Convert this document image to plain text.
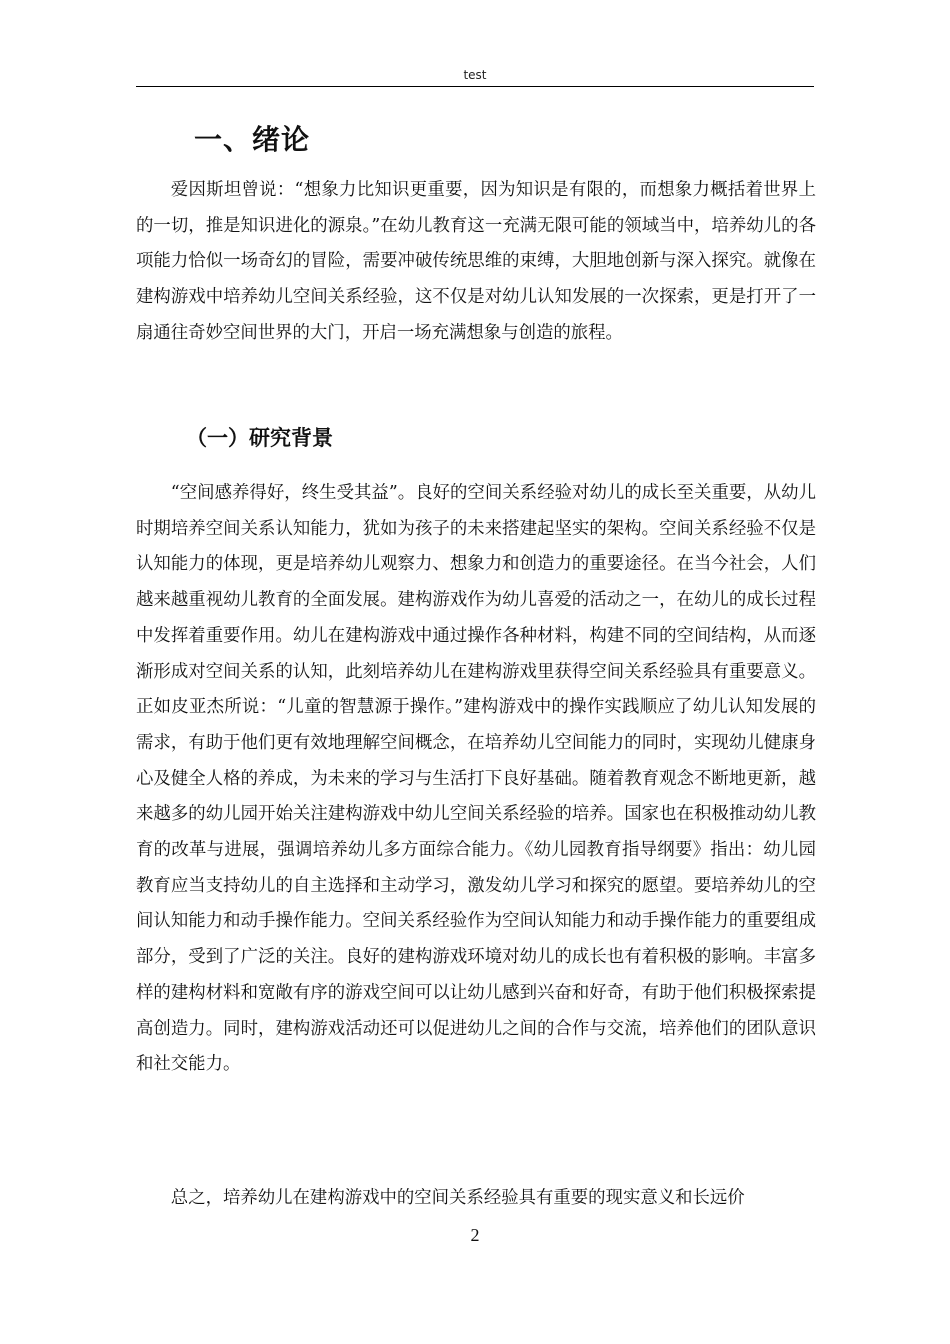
test
一、绪论

爱因斯坦曾说：“想象力比知识更重要，因为知识是有限的，而想象力概括着世界上的一切，推是知识进化的源泉。”在幼儿教育这一充满无限可能的领域当中，培养幼儿的各项能力恰似一场奇幻的冒险，需要冲破传统思维的束缚，大胆地创新与深入探究。就像在建构游戏中培养幼儿空间关系经验，这不仅是对幼儿认知发展的一次探索，更是打开了一扇通往奇妙空间世界的大门，开启一场充满想象与创造的旅程。

（一）研究背景

“空间感养得好，终生受其益”。良好的空间关系经验对幼儿的成长至关重要，从幼儿时期培养空间关系认知能力，犹如为孩子的未来搭建起坚实的架构。空间关系经验不仅是认知能力的体现，更是培养幼儿观察力、想象力和创造力的重要途径。在当今社会，人们越来越重视幼儿教育的全面发展。建构游戏作为幼儿喜爱的活动之一，在幼儿的成长过程中发挥着重要作用。幼儿在建构游戏中通过操作各种材料，构建不同的空间结构，从而逐渐形成对空间关系的认知，此刻培养幼儿在建构游戏里获得空间关系经验具有重要意义。正如皮亚杰所说：“儿童的智慧源于操作。”建构游戏中的操作实践顺应了幼儿认知发展的需求，有助于他们更有效地理解空间概念，在培养幼儿空间能力的同时，实现幼儿健康身心及健全人格的养成，为未来的学习与生活打下良好基础。随着教育观念不断地更新，越来越多的幼儿园开始关注建构游戏中幼儿空间关系经验的培养。国家也在积极推动幼儿教育的改革与进展，强调培养幼儿多方面综合能力。《幼儿园教育指导纲要》指出：幼儿园教育应当支持幼儿的自主选择和主动学习，激发幼儿学习和探究的愿望。要培养幼儿的空间认知能力和动手操作能力。空间关系经验作为空间认知能力和动手操作能力的重要组成部分，受到了广泛的关注。良好的建构游戏环境对幼儿的成长也有着积极的影响。丰富多样的建构材料和宽敞有序的游戏空间可以让幼儿感到兴奋和好奇，有助于他们积极探索提高创造力。同时，建构游戏活动还可以促进幼儿之间的合作与交流，培养他们的团队意识和社交能力。

总之，培养幼儿在建构游戏中的空间关系经验具有重要的现实意义和长远价

2
